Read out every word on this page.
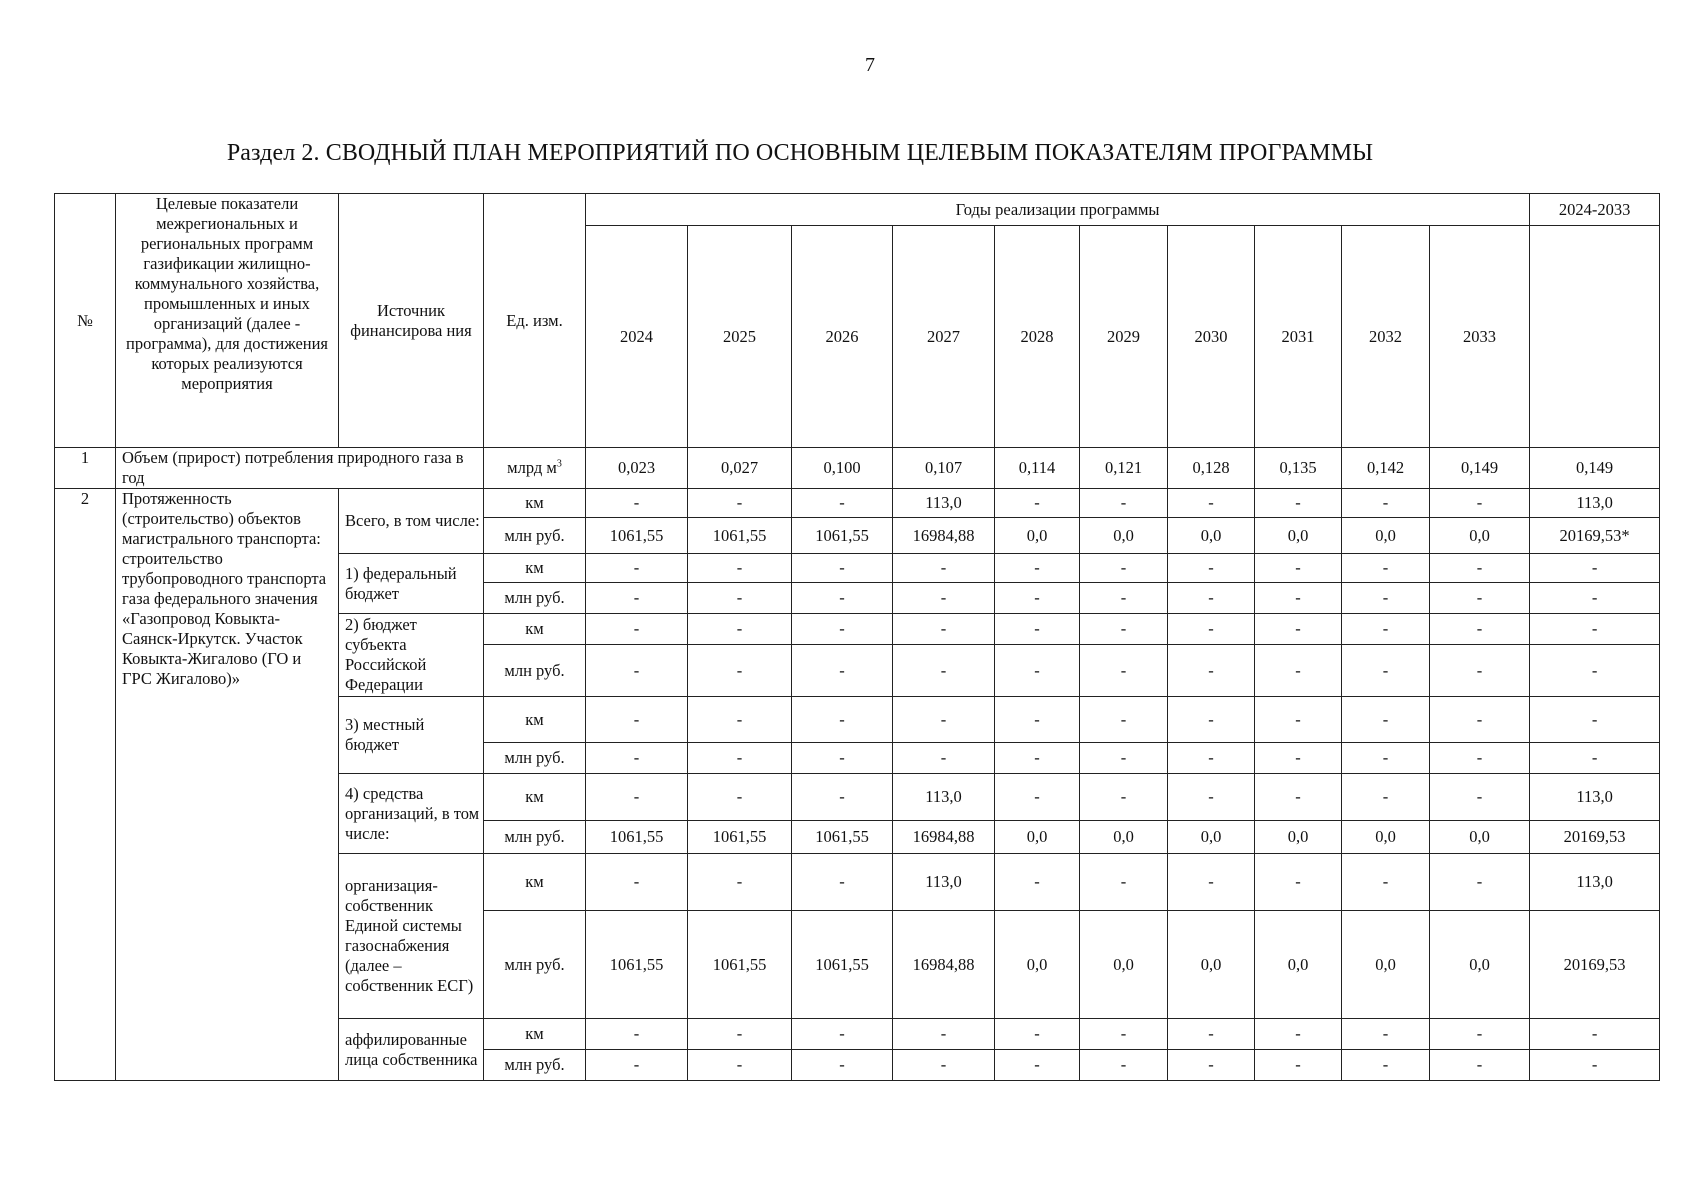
7
Раздел 2. СВОДНЫЙ ПЛАН МЕРОПРИЯТИЙ ПО ОСНОВНЫМ ЦЕЛЕВЫМ ПОКАЗАТЕЛЯМ ПРОГРАММЫ
№	Целевые показатели межрегиональных и региональных программ газификации жилищно-коммунального хозяйства, промышленных и иных организаций (далее - программа), для достижения которых реализуются мероприятия	Источник финансирова ния	Ед. изм.	Годы реализации программы										2024-2033
				2024	2025	2026	2027	2028	2029	2030	2031	2032	2033	
1	Объем (прирост) потребления природного газа в год		млрд $м^3$	0,023	0,027	0,100	0,107	0,114	0,121	0,128	0,135	0,142	0,149	0,149
2	Протяженность (строительство) объектов магистрального транспорта: строительство трубопроводного транспорта газа федерального значения «Газопровод Ковыкта-Саянск-Иркутск. Участок Ковыкта-Жигалово (ГО и ГРС Жигалово)»	Всего, в том числе:	км	-	-	-	113,0	-	-	-	-	-	-	113,0
			млн руб.	1061,55	1061,55	1061,55	16984,88	0,0	0,0	0,0	0,0	0,0	0,0	20169,53*
		1) федеральный бюджет	км	-	-	-	-	-	-	-	-	-	-	-
			млн руб.	-	-	-	-	-	-	-	-	-	-	-
		2) бюджет субъекта Российской Федерации	км	-	-	-	-	-	-	-	-	-	-	-
			млн руб.	-	-	-	-	-	-	-	-	-	-	-
		3) местный бюджет	км	-	-	-	-	-	-	-	-	-	-	-
			млн руб.	-	-	-	-	-	-	-	-	-	-	-
		4) средства организаций, в том числе:	км	-	-	-	113,0	-	-	-	-	-	-	113,0
			млн руб.	1061,55	1061,55	1061,55	16984,88	0,0	0,0	0,0	0,0	0,0	0,0	20169,53
		организация-собственник Единой системы газоснабжения (далее – собственник ЕСГ)	км	-	-	-	113,0	-	-	-	-	-	-	113,0
			млн руб.	1061,55	1061,55	1061,55	16984,88	0,0	0,0	0,0	0,0	0,0	0,0	20169,53
		аффилированные лица собственника	км	-	-	-	-	-	-	-	-	-	-	-
			млн руб.	-	-	-	-	-	-	-	-	-	-	-
